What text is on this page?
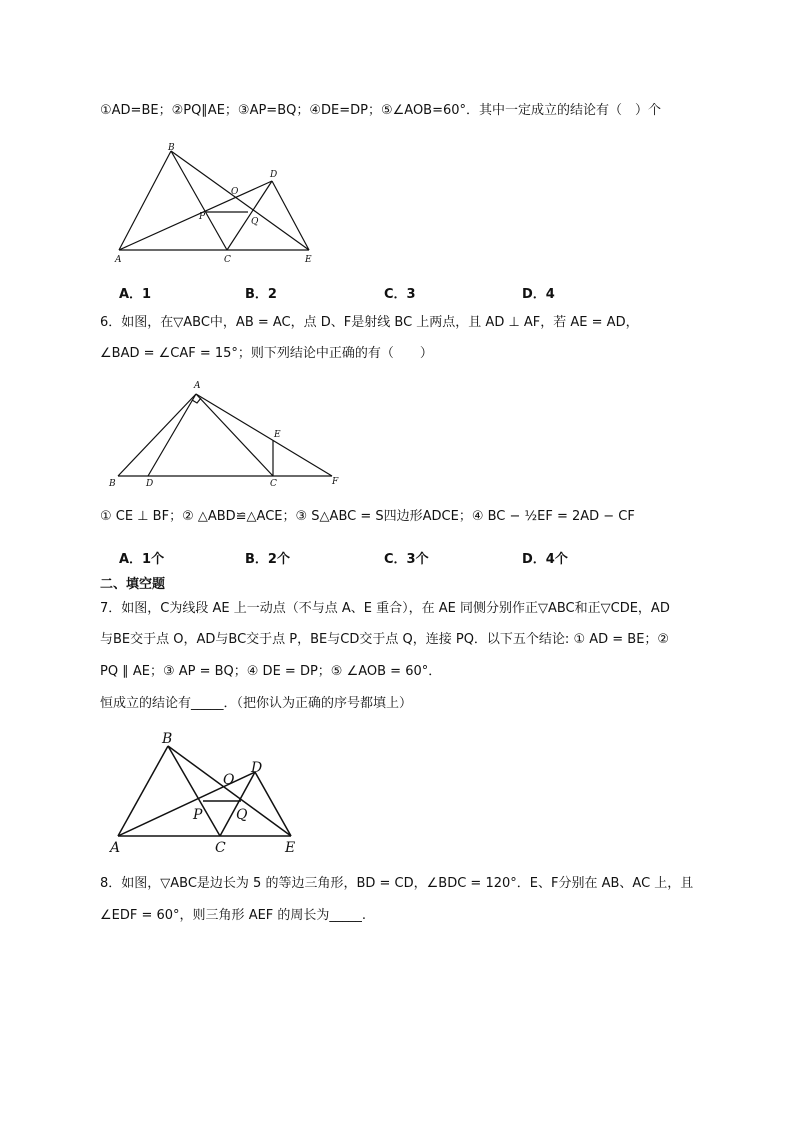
①AD=BE；②PQ∥AE；③AP=BQ；④DE=DP；⑤∠AOB=60°．其中一定成立的结论有（　）个
B
D
O
P	Q
A	C	E
A．1	B．2	C．3	D．4
6．如图，在▽ABC中，AB = AC，点 D、F是射线 BC 上两点，且 AD ⊥ AF，若 AE = AD，
∠BAD = ∠CAF = 15°；则下列结论中正确的有（　　）
A
E
B	D	C	F
① CE ⊥ BF；② △ABD≌△ACE；③ S△ABC = S四边形ADCE；④ BC − ½EF = 2AD − CF
A．1个	B．2个	C．3个	D．4个
二、填空题
7．如图，C为线段 AE 上一动点（不与点 A、E 重合），在 AE 同侧分别作正▽ABC和正▽CDE，AD
与BE交于点 O，AD与BC交于点 P，BE与CD交于点 Q，连接 PQ．以下五个结论: ① AD = BE；②
PQ ∥ AE；③ AP = BQ；④ DE = DP；⑤ ∠AOB = 60°．
恒成立的结论有_____．（把你认为正确的序号都填上）
B
D
O
P Q
A	C	E
8．如图，▽ABC是边长为 5 的等边三角形，BD = CD，∠BDC = 120°．E、F分别在 AB、AC 上，且
∠EDF = 60°，则三角形 AEF 的周长为_____.
